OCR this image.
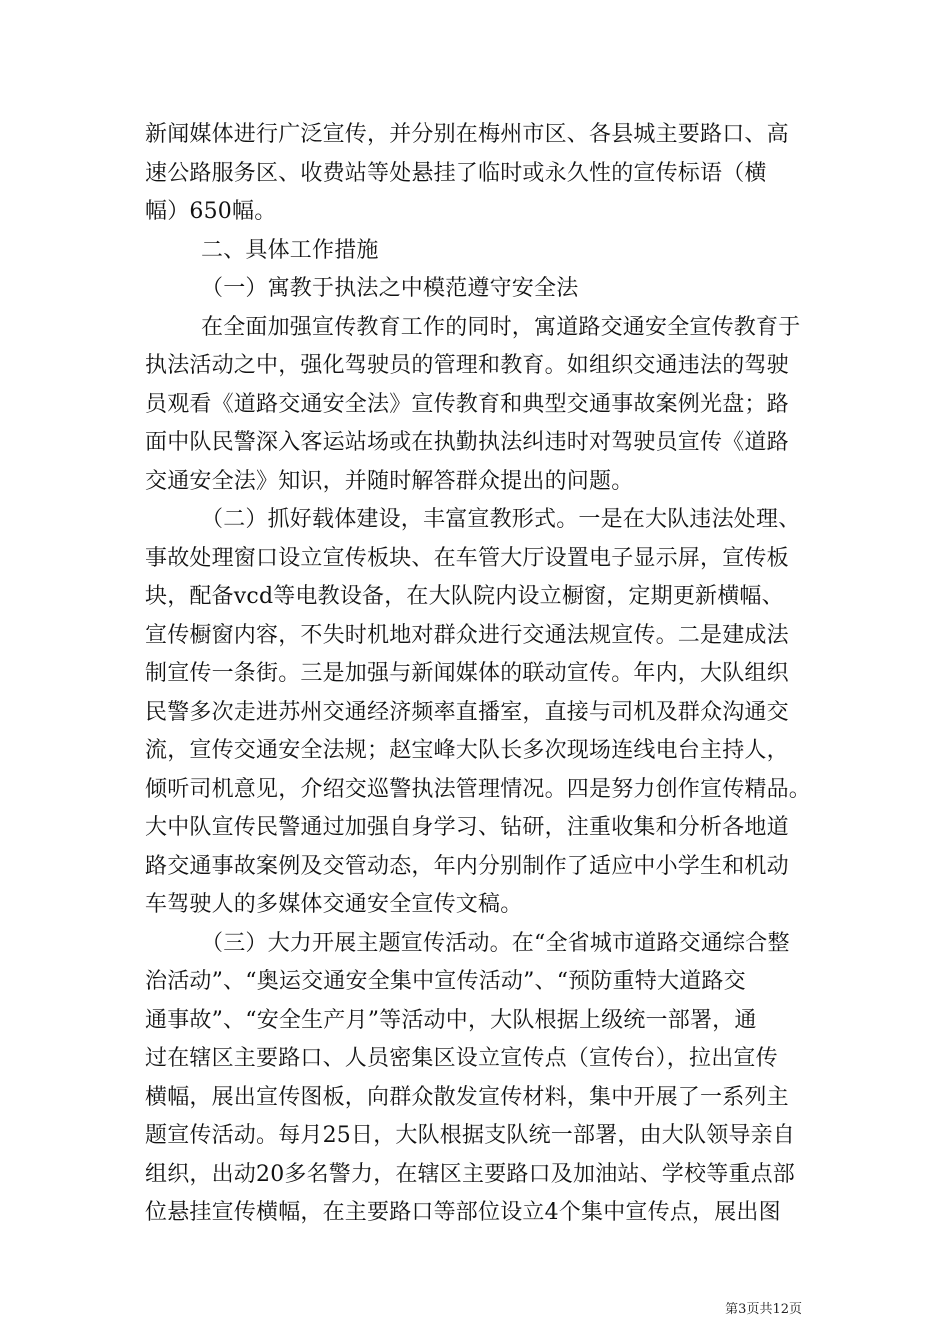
新闻媒体进行广泛宣传，并分别在梅州市区、各县城主要路口、高
速公路服务区、收费站等处悬挂了临时或永久性的宣传标语（横
幅）650幅。
二、具体工作措施
（一）寓教于执法之中模范遵守安全法
在全面加强宣传教育工作的同时，寓道路交通安全宣传教育于
执法活动之中，强化驾驶员的管理和教育。如组织交通违法的驾驶
员观看《道路交通安全法》宣传教育和典型交通事故案例光盘；路
面中队民警深入客运站场或在执勤执法纠违时对驾驶员宣传《道路
交通安全法》知识，并随时解答群众提出的问题。
（二）抓好载体建设，丰富宣教形式。一是在大队违法处理、
事故处理窗口设立宣传板块、在车管大厅设置电子显示屏，宣传板
块，配备vcd等电教设备，在大队院内设立橱窗，定期更新横幅、
宣传橱窗内容，不失时机地对群众进行交通法规宣传。二是建成法
制宣传一条街。三是加强与新闻媒体的联动宣传。年内，大队组织
民警多次走进苏州交通经济频率直播室，直接与司机及群众沟通交
流，宣传交通安全法规；赵宝峰大队长多次现场连线电台主持人，
倾听司机意见，介绍交巡警执法管理情况。四是努力创作宣传精品。
大中队宣传民警通过加强自身学习、钻研，注重收集和分析各地道
路交通事故案例及交管动态，年内分别制作了适应中小学生和机动
车驾驶人的多媒体交通安全宣传文稿。
（三）大力开展主题宣传活动。在“全省城市道路交通综合整
治活动”、“奥运交通安全集中宣传活动”、“预防重特大道路交
通事故”、“安全生产月”等活动中，大队根据上级统一部署，通
过在辖区主要路口、人员密集区设立宣传点（宣传台），拉出宣传
横幅，展出宣传图板，向群众散发宣传材料，集中开展了一系列主
题宣传活动。每月25日，大队根据支队统一部署，由大队领导亲自
组织，出动20多名警力，在辖区主要路口及加油站、学校等重点部
位悬挂宣传横幅，在主要路口等部位设立4个集中宣传点，展出图
第3页共12页
